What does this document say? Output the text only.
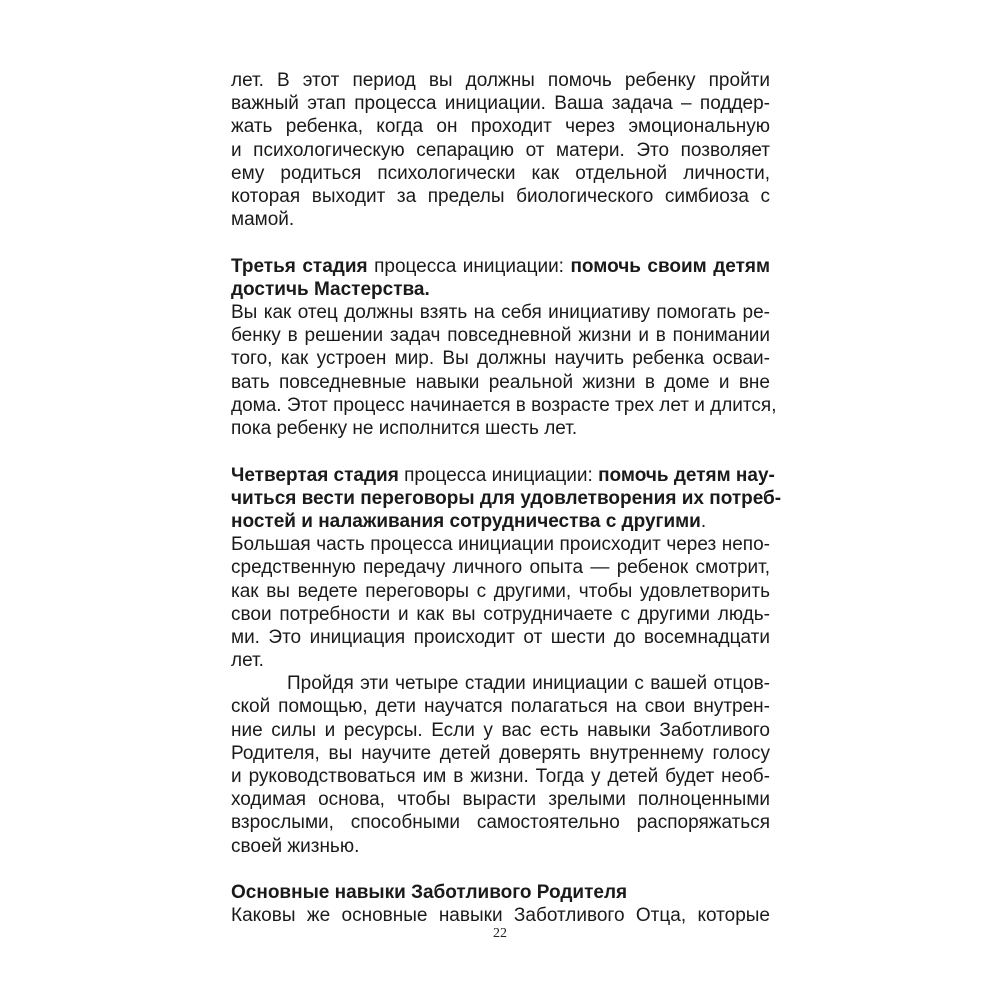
лет. В этот период вы должны помочь ребенку пройти
важный этап процесса инициации. Ваша задача – поддер-
жать ребенка, когда он проходит через эмоциональную
и психологическую сепарацию от матери. Это позволяет
ему родиться психологически как отдельной личности,
которая выходит за пределы биологического симбиоза с
мамой.
Третья стадия процесса инициации: помочь своим детям
достичь Мастерства.
Вы как отец должны взять на себя инициативу помогать ре-
бенку в решении задач повседневной жизни и в понимании
того, как устроен мир. Вы должны научить ребенка осваи-
вать повседневные навыки реальной жизни в доме и вне
дома. Этот процесс начинается в возрасте трех лет и длится,
пока ребенку не исполнится шесть лет.
Четвертая стадия процесса инициации: помочь детям нау-
читься вести переговоры для удовлетворения их потреб-
ностей и налаживания сотрудничества с другими.
Большая часть процесса инициации происходит через непо-
средственную передачу личного опыта — ребенок смотрит,
как вы ведете переговоры с другими, чтобы удовлетворить
свои потребности и как вы сотрудничаете с другими людь-
ми. Это инициация происходит от шести до восемнадцати
лет.
Пройдя эти четыре стадии инициации с вашей отцов-
ской помощью, дети научатся полагаться на свои внутрен-
ние силы и ресурсы. Если у вас есть навыки Заботливого
Родителя, вы научите детей доверять внутреннему голосу
и руководствоваться им в жизни. Тогда у детей будет необ-
ходимая основа, чтобы вырасти зрелыми полноценными
взрослыми, способными самостоятельно распоряжаться
своей жизнью.
Основные навыки Заботливого Родителя
Каковы же основные навыки Заботливого Отца, которые
22
